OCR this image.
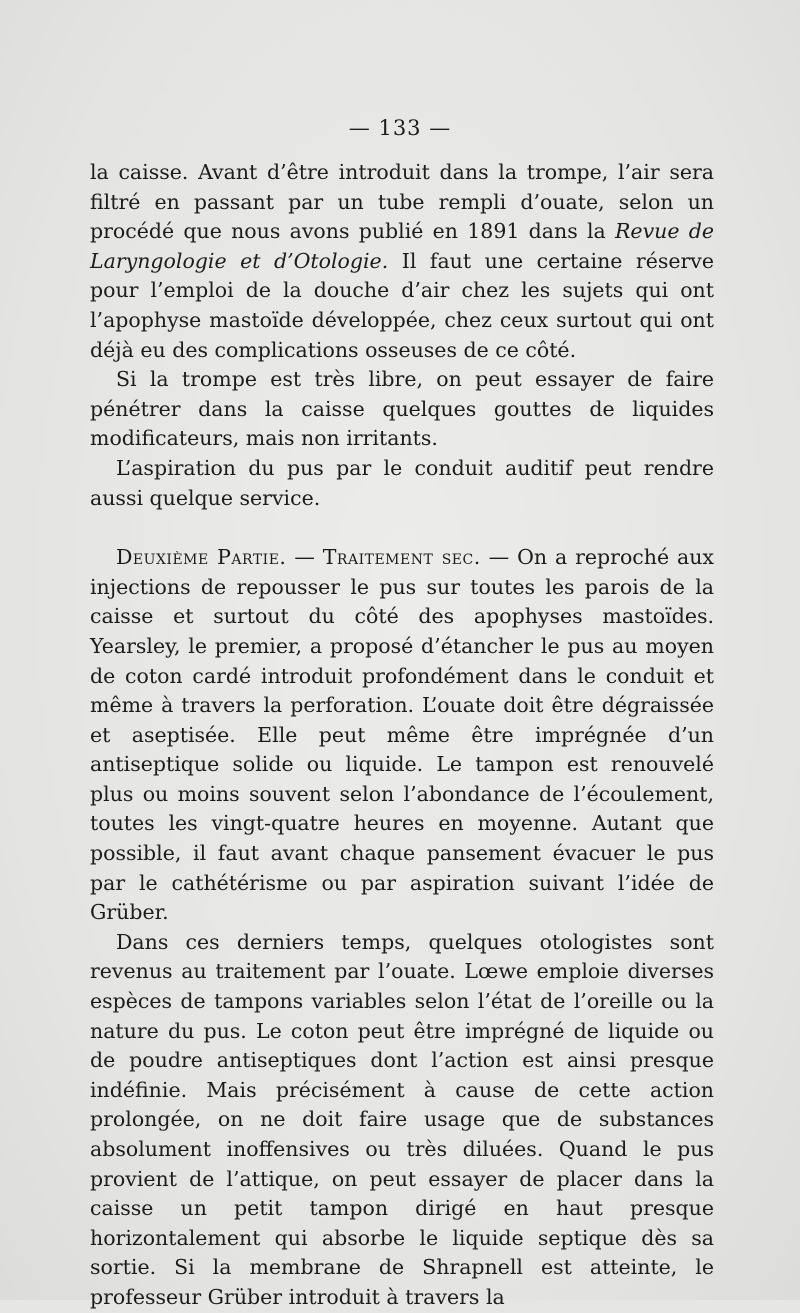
— 133 —

la caisse. Avant d’être introduit dans la trompe, l’air sera filtré en passant par un tube rempli d’ouate, selon un procédé que nous avons publié en 1891 dans la Revue de Laryngologie et d’Otologie. Il faut une certaine réserve pour l’emploi de la douche d’air chez les sujets qui ont l’apophyse mastoïde développée, chez ceux surtout qui ont déjà eu des complications osseuses de ce côté.

Si la trompe est très libre, on peut essayer de faire pénétrer dans la caisse quelques gouttes de liquides modificateurs, mais non irritants.

L’aspiration du pus par le conduit auditif peut rendre aussi quelque service.

Deuxième Partie. — Traitement sec. — On a reproché aux injections de repousser le pus sur toutes les parois de la caisse et surtout du côté des apophyses mastoïdes. Yearsley, le premier, a proposé d’étancher le pus au moyen de coton cardé introduit profondément dans le conduit et même à travers la perforation. L’ouate doit être dégraissée et aseptisée. Elle peut même être imprégnée d’un antiseptique solide ou liquide. Le tampon est renouvelé plus ou moins souvent selon l’abondance de l’écoulement, toutes les vingt-quatre heures en moyenne. Autant que possible, il faut avant chaque pansement évacuer le pus par le cathétérisme ou par aspiration suivant l’idée de Grüber.

Dans ces derniers temps, quelques otologistes sont revenus au traitement par l’ouate. Lœwe emploie diverses espèces de tampons variables selon l’état de l’oreille ou la nature du pus. Le coton peut être imprégné de liquide ou de poudre antiseptiques dont l’action est ainsi presque indéfinie. Mais précisément à cause de cette action prolongée, on ne doit faire usage que de substances absolument inoffensives ou très diluées. Quand le pus provient de l’attique, on peut essayer de placer dans la caisse un petit tampon dirigé en haut presque horizontalement qui absorbe le liquide septique dès sa sortie. Si la membrane de Shrapnell est atteinte, le professeur Grüber introduit à travers la
